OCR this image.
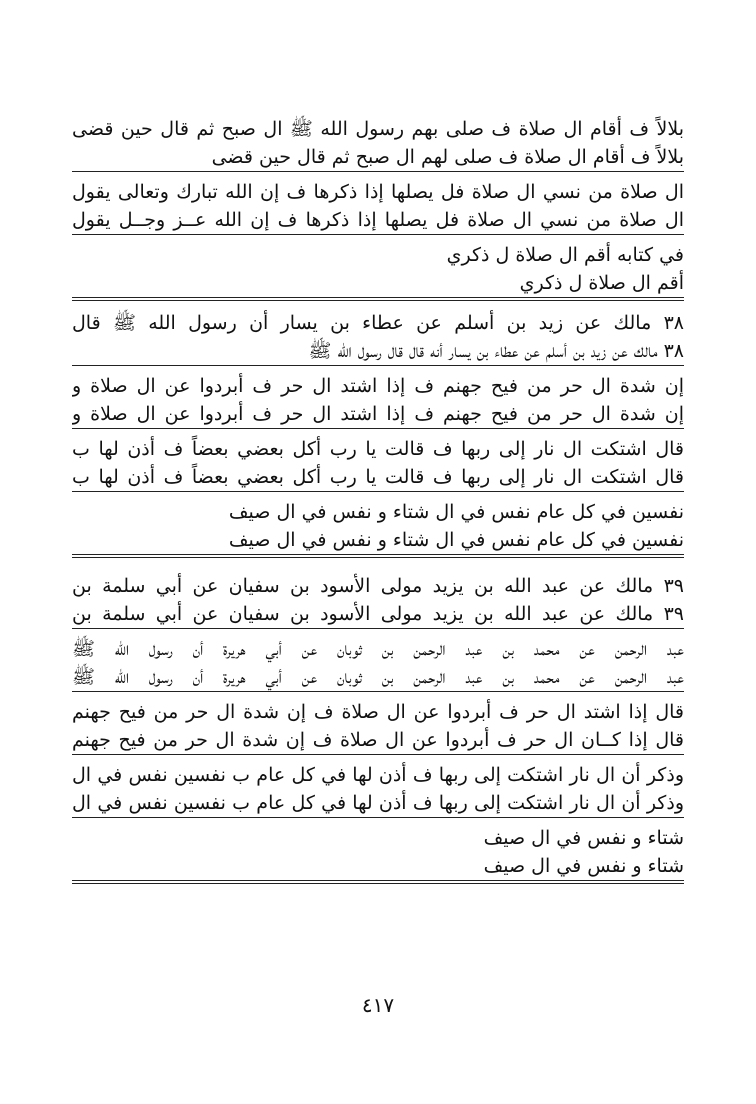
بلالاً ف أقام ال صلاة ف صلى بهم رسول الله ﷺ ال صبح ثم قال حين قضى
بلالاً ف أقام ال صلاة ف صلى لهم ال صبح ثم قال حين قضى
ال صلاة من نسي ال صلاة فل يصلها إذا ذكرها ف إن الله تبارك وتعالى يقول
ال صلاة من نسي ال صلاة فل يصلها إذا ذكرها ف إن الله عــز وجــل يقول
في كتابه أقم ال صلاة ل ذكري
أقم ال صلاة ل ذكري
٣٨ مالك عن زيد بن أسلم عن عطاء بن يسار أن رسول الله ﷺ قال
٣٨ مالك عن زيد بن أسلم عن عطاء بن يسار أنه قال قال رسول الله ﷺ
إن شدة ال حر من فيح جهنم ف إذا اشتد ال حر ف أبردوا عن ال صلاة و
إن شدة ال حر من فيح جهنم ف إذا اشتد ال حر ف أبردوا عن ال صلاة و
قال اشتكت ال نار إلى ربها ف قالت يا رب أكل بعضي بعضاً ف أذن لها ب
قال اشتكت ال نار إلى ربها ف قالت يا رب أكل بعضي بعضاً ف أذن لها ب
نفسين في كل عام نفس في ال شتاء و نفس في ال صيف
نفسين في كل عام نفس في ال شتاء و نفس في ال صيف
٣٩ مالك عن عبد الله بن يزيد مولى الأسود بن سفيان عن أبي سلمة بن
٣٩ مالك عن عبد الله بن يزيد مولى الأسود بن سفيان عن أبي سلمة بن
عبد الرحمن عن محمد بن عبد الرحمن بن ثوبان عن أبي هريرة أن رسول الله ﷺ
عبد الرحمن عن محمد بن عبد الرحمن بن ثوبان عن أبي هريرة أن رسول الله ﷺ
قال إذا اشتد ال حر ف أبردوا عن ال صلاة ف إن شدة ال حر من فيح جهنم
قال إذا كــان ال حر ف أبردوا عن ال صلاة ف إن شدة ال حر من فيح جهنم
وذكر أن ال نار اشتكت إلى ربها ف أذن لها في كل عام ب نفسين نفس في ال
وذكر أن ال نار اشتكت إلى ربها ف أذن لها في كل عام ب نفسين نفس في ال
شتاء و نفس في ال صيف
شتاء و نفس في ال صيف
٤١٧
